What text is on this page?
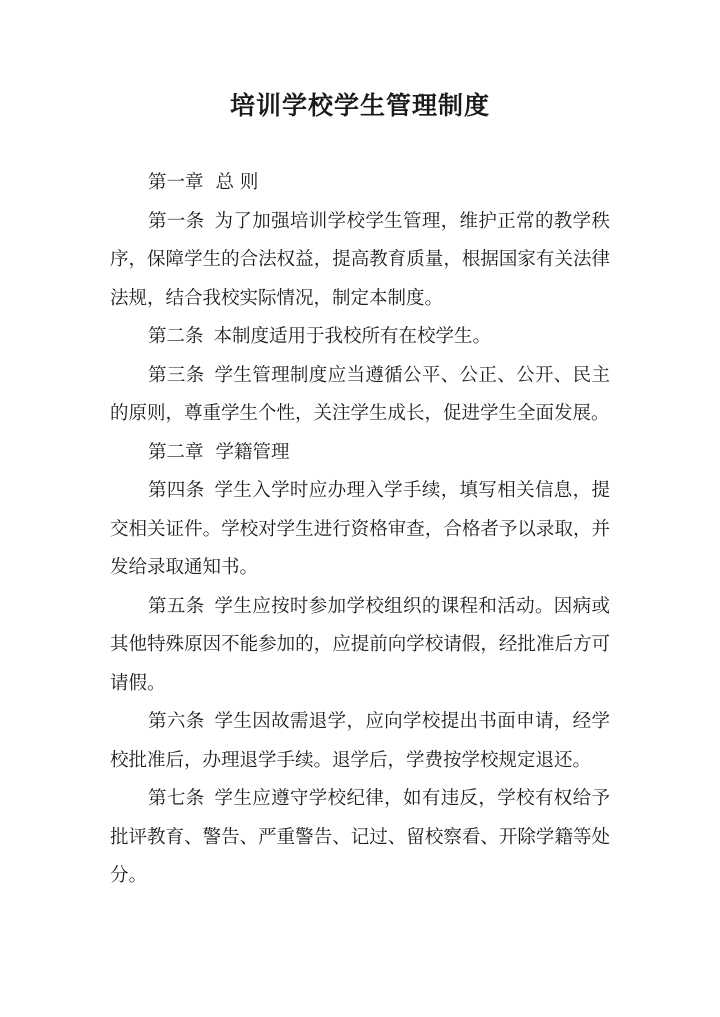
培训学校学生管理制度

第一章 总 则

第一条 为了加强培训学校学生管理，维护正常的教学秩序，保障学生的合法权益，提高教育质量，根据国家有关法律法规，结合我校实际情况，制定本制度。

第二条 本制度适用于我校所有在校学生。

第三条 学生管理制度应当遵循公平、公正、公开、民主的原则，尊重学生个性，关注学生成长，促进学生全面发展。

第二章 学籍管理

第四条 学生入学时应办理入学手续，填写相关信息，提交相关证件。学校对学生进行资格审查，合格者予以录取，并发给录取通知书。

第五条 学生应按时参加学校组织的课程和活动。因病或其他特殊原因不能参加的，应提前向学校请假，经批准后方可请假。

第六条 学生因故需退学，应向学校提出书面申请，经学校批准后，办理退学手续。退学后，学费按学校规定退还。

第七条 学生应遵守学校纪律，如有违反，学校有权给予批评教育、警告、严重警告、记过、留校察看、开除学籍等处分。
